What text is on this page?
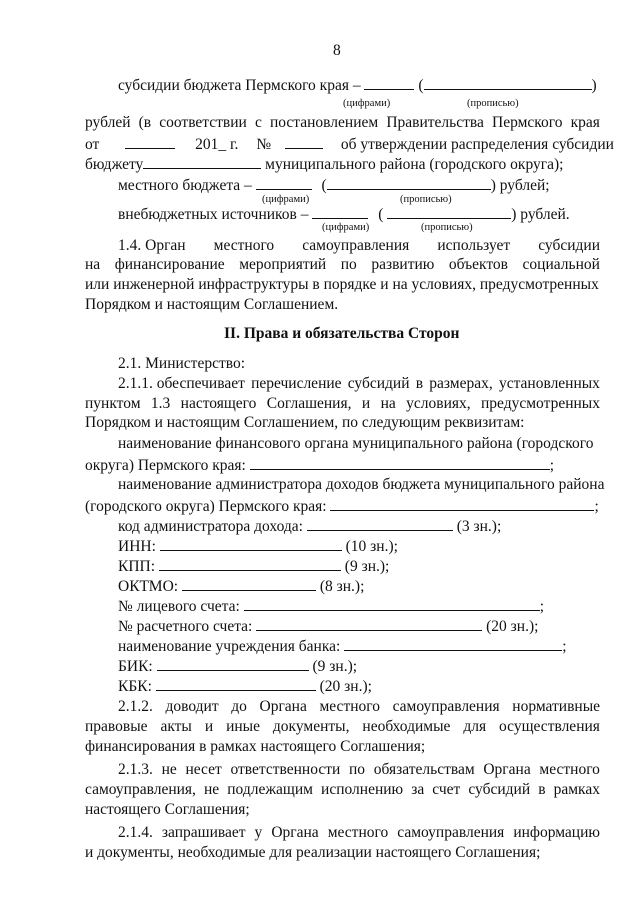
8
субсидии бюджета Пермского края –	(	)
(цифрами)	(прописью)
рублей (в соответствии с постановлением Правительства Пермского края
от	201_ г. №	об утверждении распределения субсидии
бюджету	муниципального района (городского округа);
местного бюджета –	(	) рублей;
(цифрами)	(прописью)
внебюджетных источников –	(	) рублей.
(цифрами)	(прописью)
1.4. Орган местного самоуправления использует субсидии
на финансирование мероприятий по развитию объектов социальной
или инженерной инфраструктуры в порядке и на условиях, предусмотренных
Порядком и настоящим Соглашением.
II. Права и обязательства Сторон
2.1. Министерство:
2.1.1. обеспечивает перечисление субсидий в размерах, установленных
пунктом 1.3 настоящего Соглашения, и на условиях, предусмотренных
Порядком и настоящим Соглашением, по следующим реквизитам:
наименование финансового органа муниципального района (городского
округа) Пермского края:	;
наименование администратора доходов бюджета муниципального района
(городского округа) Пермского края:	;
код администратора дохода:	(3 зн.);
ИНН:	(10 зн.);
КПП:	(9 зн.);
ОКТМО:	(8 зн.);
№ лицевого счета:	;
№ расчетного счета:	(20 зн.);
наименование учреждения банка:	;
БИК:	(9 зн.);
КБК:	(20 зн.);
2.1.2. доводит до Органа местного самоуправления нормативные
правовые акты и иные документы, необходимые для осуществления
финансирования в рамках настоящего Соглашения;
2.1.3. не несет ответственности по обязательствам Органа местного
самоуправления, не подлежащим исполнению за счет субсидий в рамках
настоящего Соглашения;
2.1.4. запрашивает у Органа местного самоуправления информацию
и документы, необходимые для реализации настоящего Соглашения;
